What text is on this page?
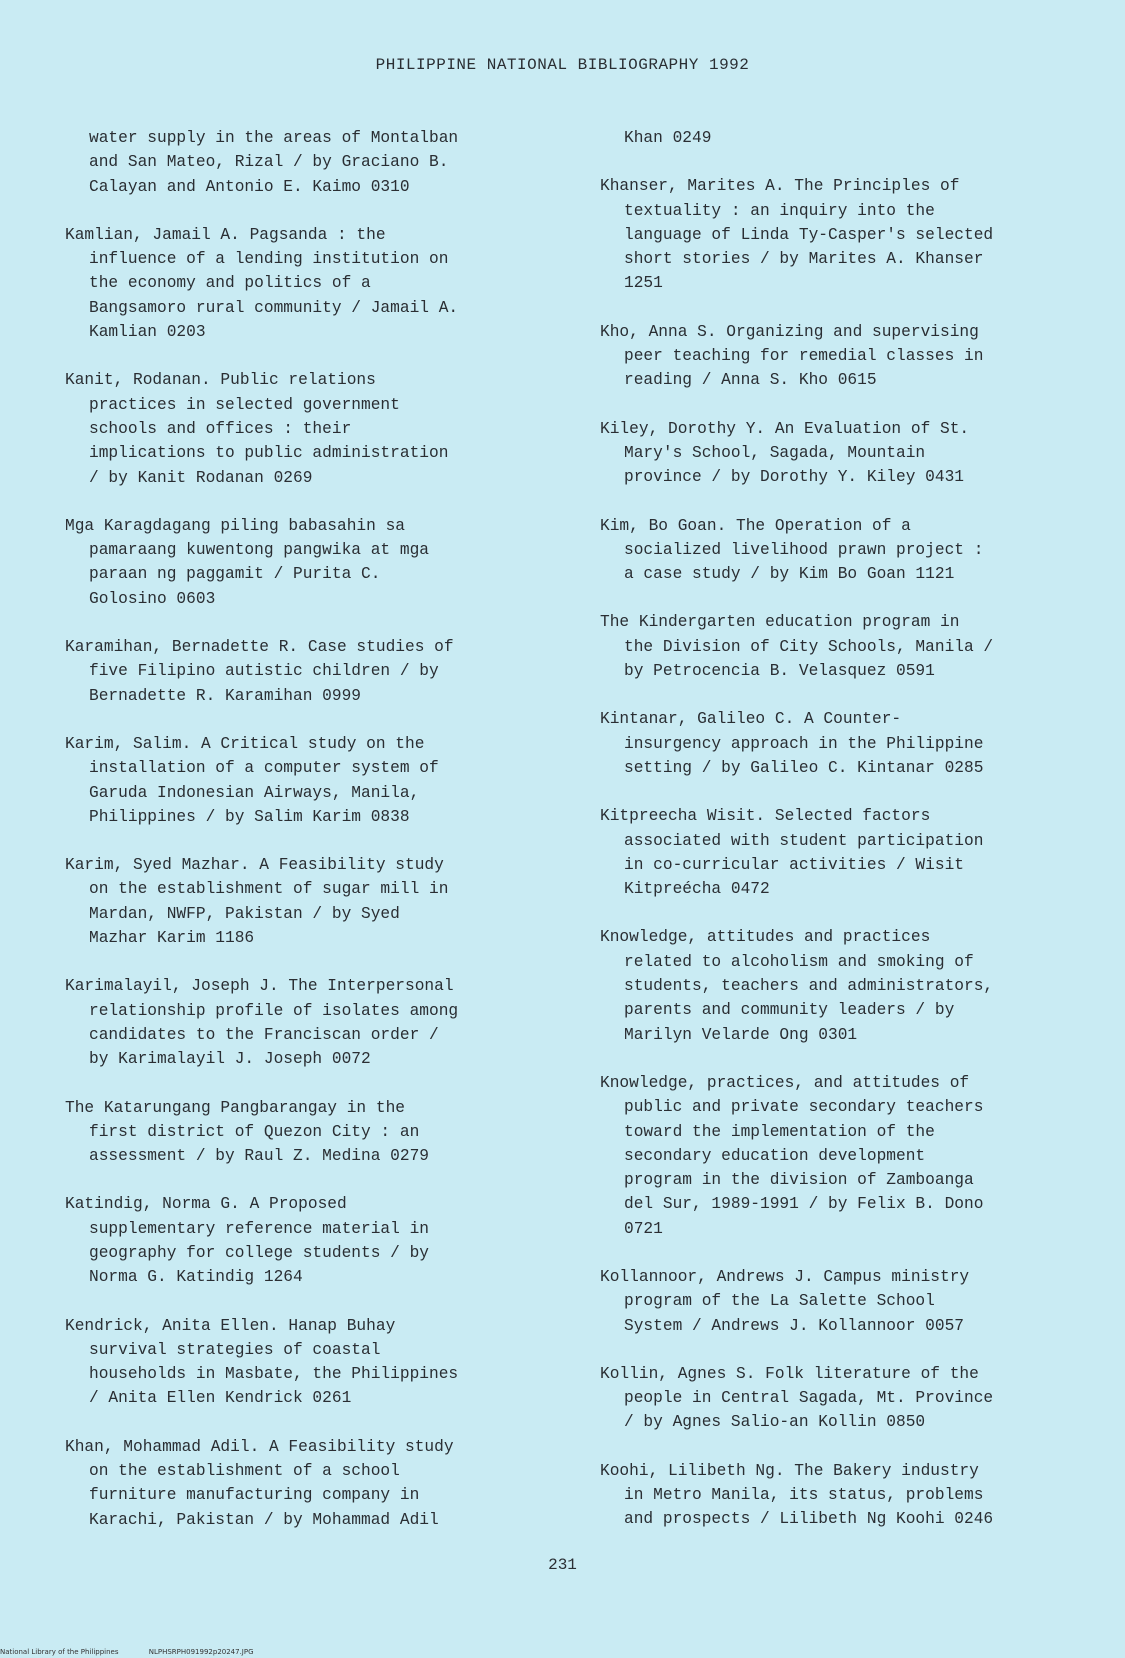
PHILIPPINE NATIONAL BIBLIOGRAPHY 1992

water supply in the areas of Montalban
and San Mateo, Rizal / by Graciano B.
Calayan and Antonio E. Kaimo 0310

Kamlian, Jamail A. Pagsanda : the
influence of a lending institution on
the economy and politics of a
Bangsamoro rural community / Jamail A.
Kamlian 0203

Kanit, Rodanan. Public relations
practices in selected government
schools and offices : their
implications to public administration
/ by Kanit Rodanan 0269

Mga Karagdagang piling babasahin sa
pamaraang kuwentong pangwika at mga
paraan ng paggamit / Purita C.
Golosino 0603

Karamihan, Bernadette R. Case studies of
five Filipino autistic children / by
Bernadette R. Karamihan 0999

Karim, Salim. A Critical study on the
installation of a computer system of
Garuda Indonesian Airways, Manila,
Philippines / by Salim Karim 0838

Karim, Syed Mazhar. A Feasibility study
on the establishment of sugar mill in
Mardan, NWFP, Pakistan / by Syed
Mazhar Karim 1186

Karimalayil, Joseph J. The Interpersonal
relationship profile of isolates among
candidates to the Franciscan order /
by Karimalayil J. Joseph 0072

The Katarungang Pangbarangay in the
first district of Quezon City : an
assessment / by Raul Z. Medina 0279

Katindig, Norma G. A Proposed
supplementary reference material in
geography for college students / by
Norma G. Katindig 1264

Kendrick, Anita Ellen. Hanap Buhay
survival strategies of coastal
households in Masbate, the Philippines
/ Anita Ellen Kendrick 0261

Khan, Mohammad Adil. A Feasibility study
on the establishment of a school
furniture manufacturing company in
Karachi, Pakistan / by Mohammad Adil

Khan 0249

Khanser, Marites A. The Principles of
textuality : an inquiry into the
language of Linda Ty-Casper's selected
short stories / by Marites A. Khanser
1251

Kho, Anna S. Organizing and supervising
peer teaching for remedial classes in
reading / Anna S. Kho 0615

Kiley, Dorothy Y. An Evaluation of St.
Mary's School, Sagada, Mountain
province / by Dorothy Y. Kiley 0431

Kim, Bo Goan. The Operation of a
socialized livelihood prawn project :
a case study / by Kim Bo Goan 1121

The Kindergarten education program in
the Division of City Schools, Manila /
by Petrocencia B. Velasquez 0591

Kintanar, Galileo C. A Counter-
insurgency approach in the Philippine
setting / by Galileo C. Kintanar 0285

Kitpreecha Wisit. Selected factors
associated with student participation
in co-curricular activities / Wisit
Kitpreécha 0472

Knowledge, attitudes and practices
related to alcoholism and smoking of
students, teachers and administrators,
parents and community leaders / by
Marilyn Velarde Ong 0301

Knowledge, practices, and attitudes of
public and private secondary teachers
toward the implementation of the
secondary education development
program in the division of Zamboanga
del Sur, 1989-1991 / by Felix B. Dono
0721

Kollannoor, Andrews J. Campus ministry
program of the La Salette School
System / Andrews J. Kollannoor 0057

Kollin, Agnes S. Folk literature of the
people in Central Sagada, Mt. Province
/ by Agnes Salio-an Kollin 0850

Koohi, Lilibeth Ng. The Bakery industry
in Metro Manila, its status, problems
and prospects / Lilibeth Ng Koohi 0246

231
National Library of the Philippines	NLPHSRPH091992p20247.JPG
